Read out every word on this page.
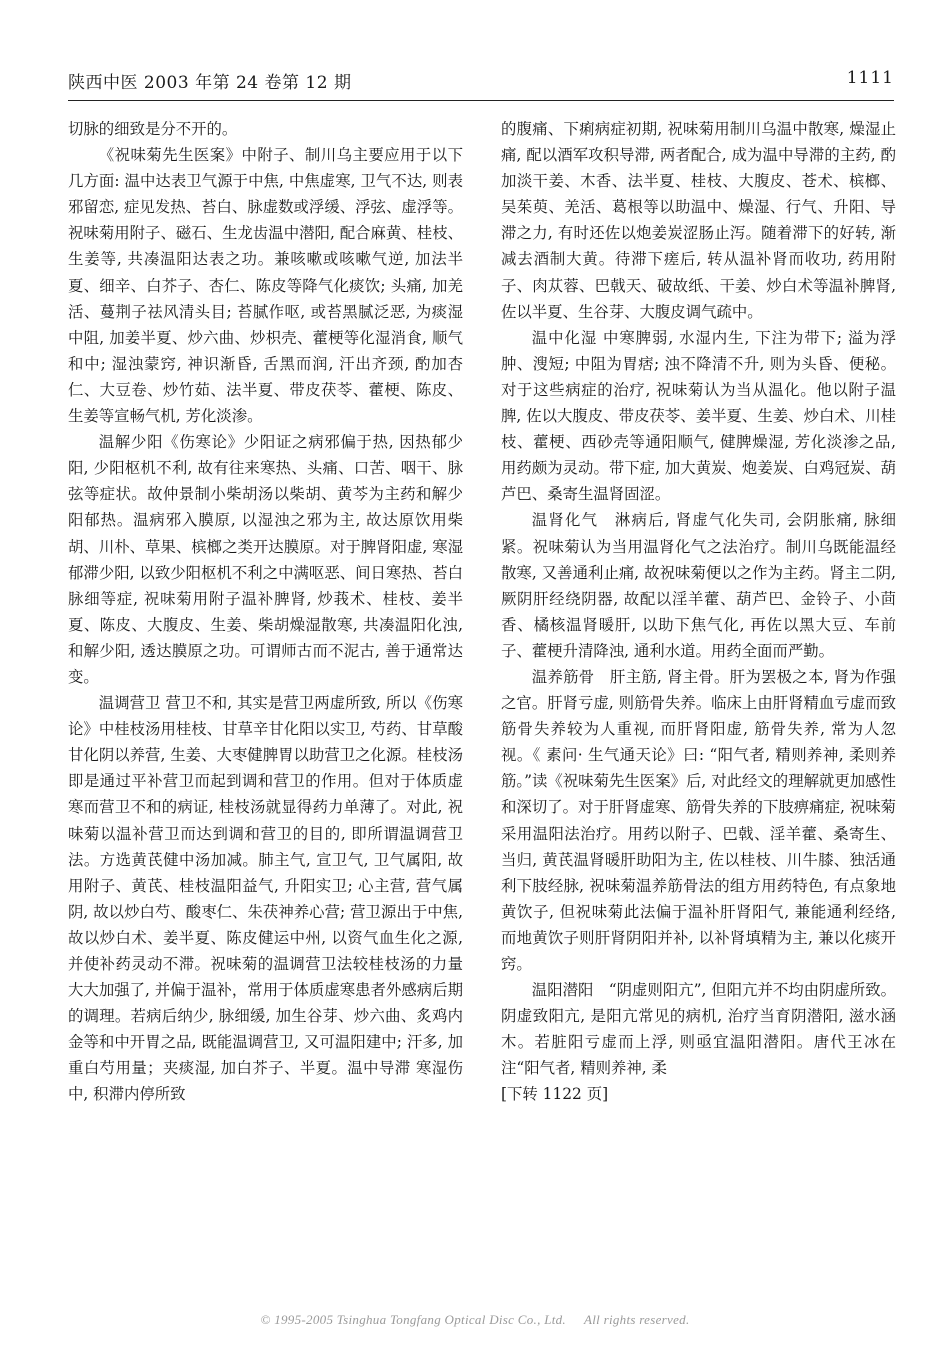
陕西中医 2003 年第 24 卷第 12 期	1111

切脉的细致是分不开的。

《祝味菊先生医案》中附子、制川乌主要应用于以下几方面: 温中达表卫气源于中焦, 中焦虚寒, 卫气不达, 则表邪留恋, 症见发热、苔白、脉虚数或浮缓、浮弦、虚浮等。祝味菊用附子、磁石、生龙齿温中潜阳, 配合麻黄、桂枝、生姜等, 共凑温阳达表之功。兼咳嗽或咳嗽气逆, 加法半夏、细辛、白芥子、杏仁、陈皮等降气化痰饮; 头痛, 加羌活、蔓荆子祛风清头目; 苔腻作呕, 或苔黑腻泛恶, 为痰湿中阻, 加姜半夏、炒六曲、炒枳壳、藿梗等化湿消食, 顺气和中; 湿浊蒙窍, 神识渐昏, 舌黑而润, 汗出齐颈, 酌加杏仁、大豆卷、炒竹茹、法半夏、带皮茯苓、藿梗、陈皮、生姜等宣畅气机, 芳化淡渗。

温解少阳《伤寒论》少阳证之病邪偏于热, 因热郁少阳, 少阳枢机不利, 故有往来寒热、头痛、口苦、咽干、脉弦等症状。故仲景制小柴胡汤以柴胡、黄芩为主药和解少阳郁热。温病邪入膜原, 以湿浊之邪为主, 故达原饮用柴胡、川朴、草果、槟榔之类开达膜原。对于脾肾阳虚, 寒湿郁滞少阳, 以致少阳枢机不利之中满呕恶、间日寒热、苔白脉细等症, 祝味菊用附子温补脾肾, 炒莪术、桂枝、姜半夏、陈皮、大腹皮、生姜、柴胡燥湿散寒, 共凑温阳化浊, 和解少阳, 透达膜原之功。可谓师古而不泥古, 善于通常达变。

温调营卫 营卫不和, 其实是营卫两虚所致, 所以《伤寒论》中桂枝汤用桂枝、甘草辛甘化阳以实卫, 芍药、甘草酸甘化阴以养营, 生姜、大枣健脾胃以助营卫之化源。桂枝汤即是通过平补营卫而起到调和营卫的作用。但对于体质虚寒而营卫不和的病证, 桂枝汤就显得药力单薄了。对此, 祝味菊以温补营卫而达到调和营卫的目的, 即所谓温调营卫法。方选黄芪健中汤加减。肺主气, 宣卫气, 卫气属阳, 故用附子、黄芪、桂枝温阳益气, 升阳实卫; 心主营, 营气属阴, 故以炒白芍、酸枣仁、朱茯神养心营; 营卫源出于中焦, 故以炒白术、姜半夏、陈皮健运中州, 以资气血生化之源, 并使补药灵动不滞。祝味菊的温调营卫法较桂枝汤的力量大大加强了, 并偏于温补，常用于体质虚寒患者外感病后期的调理。若病后纳少, 脉细缓, 加生谷芽、炒六曲、炙鸡内金等和中开胃之品, 既能温调营卫, 又可温阳建中; 汗多, 加重白芍用量；夹痰湿, 加白芥子、半夏。温中导滞 寒湿伤中, 积滞内停所致

的腹痛、下痢病症初期, 祝味菊用制川乌温中散寒, 燥湿止痛, 配以酒军攻积导滞, 两者配合, 成为温中导滞的主药, 酌加淡干姜、木香、法半夏、桂枝、大腹皮、苍术、槟榔、吴茱萸、羌活、葛根等以助温中、燥湿、行气、升阳、导滞之力, 有时还佐以炮姜炭涩肠止泻。随着滞下的好转, 渐减去酒制大黄。待滞下瘥后, 转从温补肾而收功, 药用附子、肉苁蓉、巴戟天、破故纸、干姜、炒白术等温补脾肾, 佐以半夏、生谷芽、大腹皮调气疏中。

温中化湿 中寒脾弱, 水湿内生, 下注为带下; 溢为浮肿、溲短; 中阻为胃痞; 浊不降清不升, 则为头昏、便秘。对于这些病症的治疗, 祝味菊认为当从温化。他以附子温脾, 佐以大腹皮、带皮茯苓、姜半夏、生姜、炒白术、川桂枝、藿梗、西砂壳等通阳顺气, 健脾燥湿, 芳化淡渗之品, 用药颇为灵动。带下症, 加大黄炭、炮姜炭、白鸡冠炭、葫芦巴、桑寄生温肾固涩。

温肾化气　淋病后, 肾虚气化失司, 会阴胀痛, 脉细紧。祝味菊认为当用温肾化气之法治疗。制川乌既能温经散寒, 又善通利止痛, 故祝味菊便以之作为主药。肾主二阴, 厥阴肝经绕阴器, 故配以淫羊藿、葫芦巴、金铃子、小茴香、橘核温肾暖肝, 以助下焦气化, 再佐以黑大豆、车前子、藿梗升清降浊, 通利水道。用药全面而严勤。

温养筋骨　肝主筋, 肾主骨。肝为罢极之本, 肾为作强之官。肝肾亏虚, 则筋骨失养。临床上由肝肾精血亏虚而致筋骨失养较为人重视, 而肝肾阳虚, 筋骨失养, 常为人忽视。《 素问· 生气通天论》曰: “阳气者, 精则养神, 柔则养筋。”读《祝味菊先生医案》后, 对此经文的理解就更加感性和深切了。对于肝肾虚寒、筋骨失养的下肢痹痛症, 祝味菊采用温阳法治疗。用药以附子、巴戟、淫羊藿、桑寄生、当归, 黄芪温肾暖肝助阳为主, 佐以桂枝、川牛膝、独活通利下肢经脉, 祝味菊温养筋骨法的组方用药特色, 有点象地黄饮子, 但祝味菊此法偏于温补肝肾阳气, 兼能通利经络, 而地黄饮子则肝肾阴阳并补, 以补肾填精为主, 兼以化痰开窍。

温阳潜阳　“阴虚则阳亢”, 但阳亢并不均由阴虚所致。阴虚致阳亢, 是阳亢常见的病机, 治疗当育阴潜阳, 滋水涵木。若脏阳亏虚而上浮, 则亟宜温阳潜阳。唐代王冰在注“阳气者, 精则养神, 柔

[下转 1122 页]

© 1995-2005 Tsinghua Tongfang Optical Disc Co., Ltd. All rights reserved.
